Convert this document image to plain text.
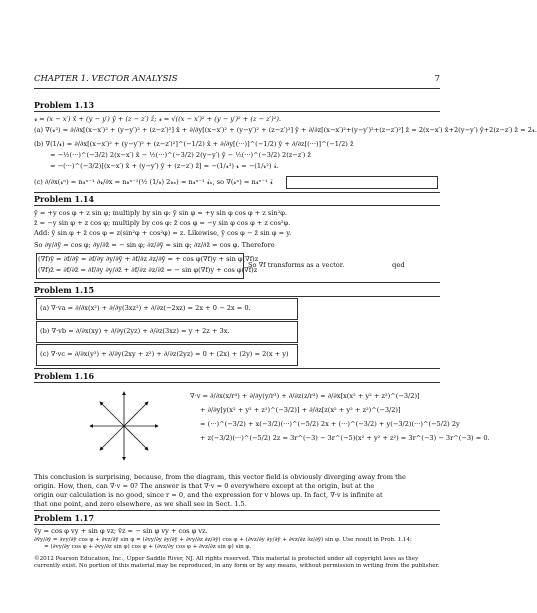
CHAPTER 1. VECTOR ANALYSIS	7
Problem 1.13
𝓻 = (x − x′) x̂ + (y − y′) ŷ + (z − z′) ẑ; 𝓻 = √((x − x′)² + (y − y′)² + (z − z′)²).
(a) ∇(𝓻²) = ∂/∂x[(x−x′)² + (y−y′)² + (z−z′)²] x̂ + ∂/∂y[(x−x′)² + (y−y′)² + (z−z′)²] ŷ + ∂/∂z[(x−x′)²+(y−y′)²+(z−z′)²] ẑ = 2(x−x′) x̂+2(y−y′) ŷ+2(z−z′) ẑ = 2𝓻.
(b) ∇(1/𝓻) = ∂/∂x[(x−x′)² + (y−y′)² + (z−z′)²]^(−1/2) x̂ + ∂/∂y[(···)]^(−1/2) ŷ + ∂/∂z[(···)]^(−1/2) ẑ
= −½(···)^(−3/2) 2(x−x′) x̂ − ½(···)^(−3/2) 2(y−y′) ŷ − ½(···)^(−3/2) 2(z−z′) ẑ
= −(···)^(−3/2)[(x−x′) x̂ + (y−y′) ŷ + (z−z′) ẑ] = −(1/𝓻³) 𝓻 = −(1/𝓻²) 𝓻̂.
(c) ∂/∂x(𝓻ⁿ) = n𝓻ⁿ⁻¹ ∂𝓻/∂x = n𝓻ⁿ⁻¹(½ (1/𝓻) 2𝓻ₓ) = n𝓻ⁿ⁻¹ 𝓻̂ₓ, so ∇(𝓻ⁿ) = n𝓻ⁿ⁻¹ 𝓻̂
Problem 1.14
ȳ = +y cos φ + z sin φ; multiply by sin φ: ȳ sin φ = +y sin φ cos φ + z sin²φ.
z̄ = −y sin φ + z cos φ; multiply by cos φ: z̄ cos φ = −y sin φ cos φ + z cos²φ.
Add: ȳ sin φ + z̄ cos φ = z(sin²φ + cos²φ) = z. Likewise, ȳ cos φ − z̄ sin φ = y.
So ∂y/∂ȳ = cos φ; ∂y/∂z̄ = − sin φ; ∂z/∂ȳ = sin φ; ∂z/∂z̄ = cos φ. Therefore
(∇f)ȳ = ∂f/∂ȳ = ∂f/∂y ∂y/∂ȳ + ∂f/∂z ∂z/∂ȳ = + cos φ(∇f)y + sin φ(∇f)z
(∇f)z̄ = ∂f/∂z̄ = ∂f/∂y ∂y/∂z̄ + ∂f/∂z ∂z/∂z̄ = − sin φ(∇f)y + cos φ(∇f)z
So ∇f transforms as a vector.	qed
Problem 1.15
(a) ∇·va = ∂/∂x(x²) + ∂/∂y(3xz²) + ∂/∂z(−2xz) = 2x + 0 − 2x = 0.
(b) ∇·vb = ∂/∂x(xy) + ∂/∂y(2yz) + ∂/∂z(3xz) = y + 2z + 3x.
(c) ∇·vc = ∂/∂x(y²) + ∂/∂y(2xy + z²) + ∂/∂z(2yz) = 0 + (2x) + (2y) = 2(x + y)
Problem 1.16
∇·v = ∂/∂x(x/r³) + ∂/∂y(y/r³) + ∂/∂z(z/r³) = ∂/∂x[x(x² + y² + z²)^(−3/2)]
+ ∂/∂y[y(x² + y² + z²)^(−3/2)] + ∂/∂z[z(x² + y² + z²)^(−3/2)]
= (···)^(−3/2) + x(−3/2)(···)^(−5/2) 2x + (···)^(−3/2) + y(−3/2)(···)^(−5/2) 2y
+ z(−3/2)(···)^(−5/2) 2z = 3r^(−3) − 3r^(−5)(x² + y² + z²) = 3r^(−3) − 3r^(−3) = 0.
This conclusion is surprising, because, from the diagram, this vector field is obviously diverging away from the
origin. How, then, can ∇·v = 0? The answer is that ∇·v = 0 everywhere except at the origin, but at the
origin our calculation is no good, since r = 0, and the expression for v blows up. In fact, ∇·v is infinite at
that one point, and zero elsewhere, as we shall see in Sect. 1.5.
Problem 1.17
v̄y = cos φ vy + sin φ vz; v̄z = − sin φ vy + cos φ vz.
∂v̄y/∂ȳ = ∂vy/∂ȳ cos φ + ∂vz/∂ȳ sin φ = (∂vy/∂y ∂y/∂ȳ + ∂vy/∂z ∂z/∂ȳ) cos φ + (∂vz/∂y ∂y/∂ȳ + ∂vz/∂z ∂z/∂ȳ) sin φ. Use result in Prob. 1.14:
= (∂vy/∂y cos φ + ∂vy/∂z sin φ) cos φ + (∂vz/∂y cos φ + ∂vz/∂z sin φ) sin φ.
©2012 Pearson Education, Inc., Upper Saddle River, NJ. All rights reserved. This material is protected under all copyright laws as they currently exist. No portion of this material may be reproduced, in any form or by any means, without permission in writing from the publisher.
